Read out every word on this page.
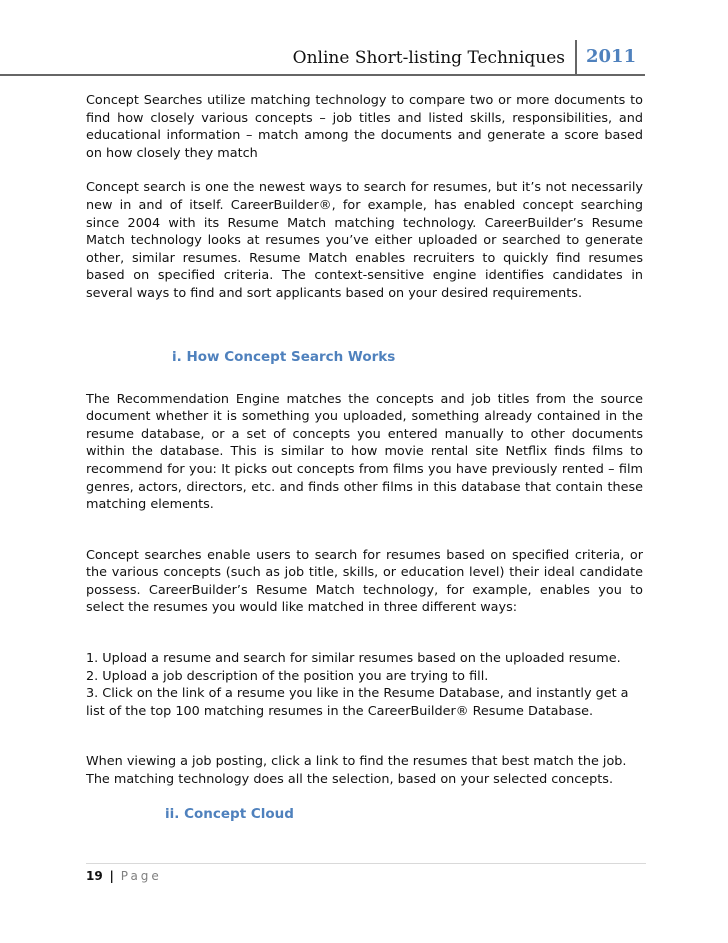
Online Short-listing Techniques 2011

Concept Searches utilize matching technology to compare two or more documents to find how closely various concepts – job titles and listed skills, responsibilities, and educational information – match among the documents and generate a score based on how closely they match

Concept search is one the newest ways to search for resumes, but it’s not necessarily new in and of itself. CareerBuilder®, for example, has enabled concept searching since 2004 with its Resume Match matching technology. CareerBuilder’s Resume Match technology looks at resumes you’ve either uploaded or searched to generate other, similar resumes. Resume Match enables recruiters to quickly find resumes based on specified criteria. The context-sensitive engine identifies candidates in several ways to find and sort applicants based on your desired requirements.

The Recommendation Engine matches the concepts and job titles from the source document whether it is something you uploaded, something already contained in the resume database, or a set of concepts you entered manually to other documents within the database. This is similar to how movie rental site Netflix finds films to recommend for you: It picks out concepts from films you have previously rented – film genres, actors, directors, etc. and finds other films in this database that contain these matching elements.

Concept searches enable users to search for resumes based on specified criteria, or the various concepts (such as job title, skills, or education level) their ideal candidate possess. CareerBuilder’s Resume Match technology, for example, enables you to select the resumes you would like matched in three different ways:

1. Upload a resume and search for similar resumes based on the uploaded resume.

2. Upload a job description of the position you are trying to fill.

3. Click on the link of a resume you like in the Resume Database, and instantly get a list of the top 100 matching resumes in the CareerBuilder® Resume Database.

When viewing a job posting, click a link to find the resumes that best match the job. The matching technology does all the selection, based on your selected concepts.

i. How Concept Search Works
ii. Concept Cloud
19 | Page
